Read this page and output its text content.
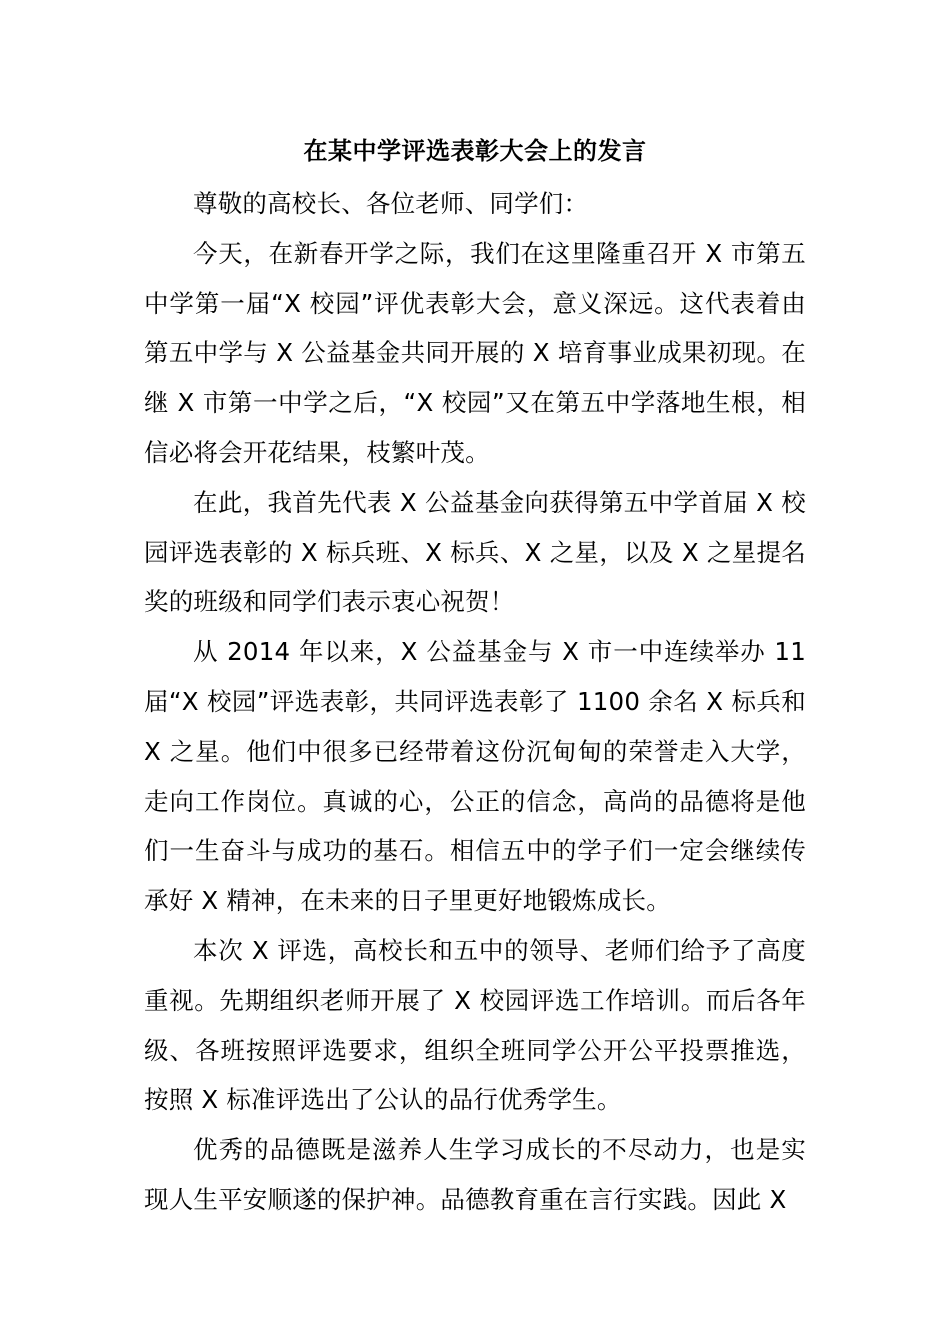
在某中学评选表彰大会上的发言

尊敬的高校长、各位老师、同学们：

今天，在新春开学之际，我们在这里隆重召开 X 市第五中学第一届“X 校园”评优表彰大会，意义深远。这代表着由第五中学与 X 公益基金共同开展的 X 培育事业成果初现。在继 X 市第一中学之后，“X 校园”又在第五中学落地生根，相信必将会开花结果，枝繁叶茂。

在此，我首先代表 X 公益基金向获得第五中学首届 X 校园评选表彰的 X 标兵班、X 标兵、X 之星，以及 X 之星提名奖的班级和同学们表示衷心祝贺！

从 2014 年以来，X 公益基金与 X 市一中连续举办 11 届“X 校园”评选表彰，共同评选表彰了 1100 余名 X 标兵和 X 之星。他们中很多已经带着这份沉甸甸的荣誉走入大学，走向工作岗位。真诚的心，公正的信念，高尚的品德将是他们一生奋斗与成功的基石。相信五中的学子们一定会继续传承好 X 精神，在未来的日子里更好地锻炼成长。

本次 X 评选，高校长和五中的领导、老师们给予了高度重视。先期组织老师开展了 X 校园评选工作培训。而后各年级、各班按照评选要求，组织全班同学公开公平投票推选，按照 X 标准评选出了公认的品行优秀学生。

优秀的品德既是滋养人生学习成长的不尽动力，也是实现人生平安顺遂的保护神。品德教育重在言行实践。因此 X
